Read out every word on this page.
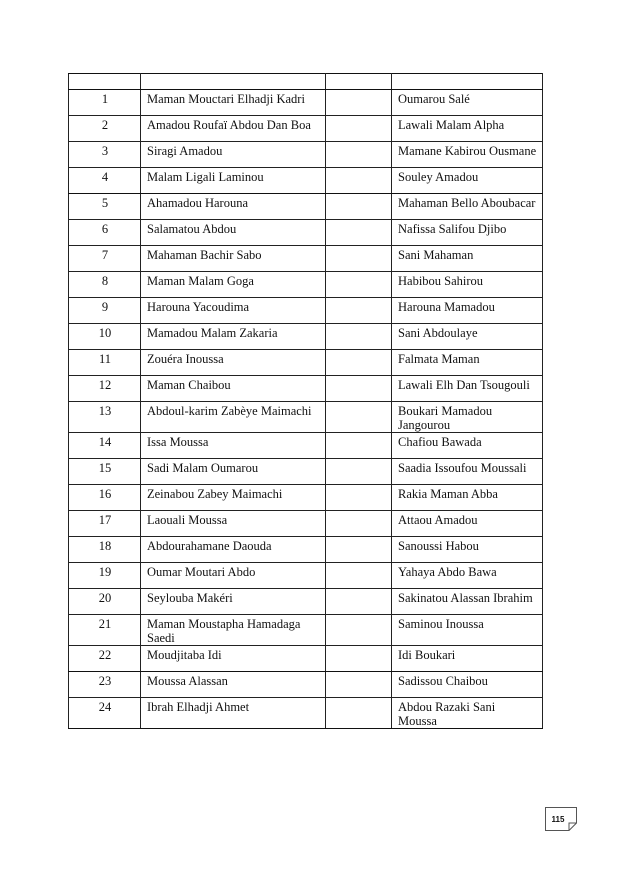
1	Maman Mouctari Elhadji Kadri		Oumarou Salé
2	Amadou Roufaï Abdou Dan Boa		Lawali Malam Alpha
3	Siragi Amadou		Mamane Kabirou Ousmane
4	Malam Ligali Laminou		Souley Amadou
5	Ahamadou Harouna		Mahaman Bello Aboubacar
6	Salamatou Abdou		Nafissa Salifou Djibo
7	Mahaman Bachir Sabo		Sani Mahaman
8	Maman Malam Goga		Habibou Sahirou
9	Harouna Yacoudima		Harouna Mamadou
10	Mamadou Malam Zakaria		Sani Abdoulaye
11	Zouéra Inoussa		Falmata Maman
12	Maman Chaibou		Lawali Elh Dan Tsougouli
13	Abdoul-karim Zabèye Maimachi		Boukari Mamadou Jangourou
14	Issa Moussa		Chafiou Bawada
15	Sadi Malam Oumarou		Saadia Issoufou Moussali
16	Zeinabou Zabey Maimachi		Rakia Maman Abba
17	Laouali Moussa		Attaou Amadou
18	Abdourahamane Daouda		Sanoussi Habou
19	Oumar Moutari Abdo		Yahaya Abdo Bawa
20	Seylouba Makéri		Sakinatou Alassan Ibrahim
21	Maman Moustapha Hamadaga Saedi		Saminou Inoussa
22	Moudjitaba Idi		Idi Boukari
23	Moussa Alassan		Sadissou Chaibou
24	Ibrah Elhadji Ahmet		Abdou Razaki Sani Moussa
115
